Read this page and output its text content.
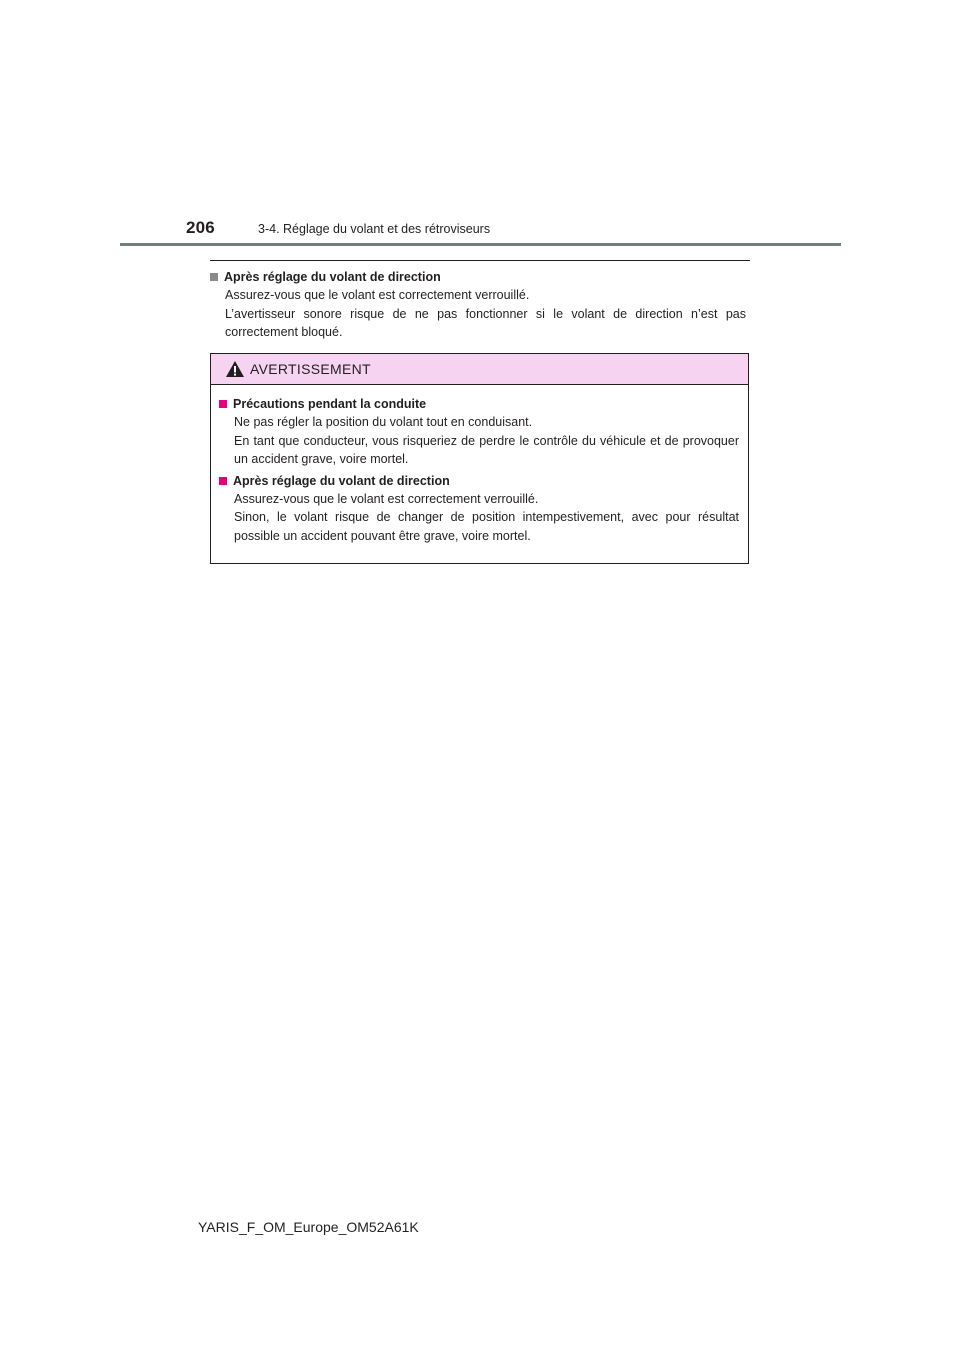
206	3-4. Réglage du volant et des rétroviseurs
Après réglage du volant de direction

Assurez-vous que le volant est correctement verrouillé.

L’avertisseur sonore risque de ne pas fonctionner si le volant de direction n’est pas correctement bloqué.

AVERTISSEMENT
Précautions pendant la conduite

Ne pas régler la position du volant tout en conduisant.

En tant que conducteur, vous risqueriez de perdre le contrôle du véhicule et de provoquer un accident grave, voire mortel.

Après réglage du volant de direction

Assurez-vous que le volant est correctement verrouillé.

Sinon, le volant risque de changer de position intempestivement, avec pour résultat possible un accident pouvant être grave, voire mortel.

YARIS_F_OM_Europe_OM52A61K
